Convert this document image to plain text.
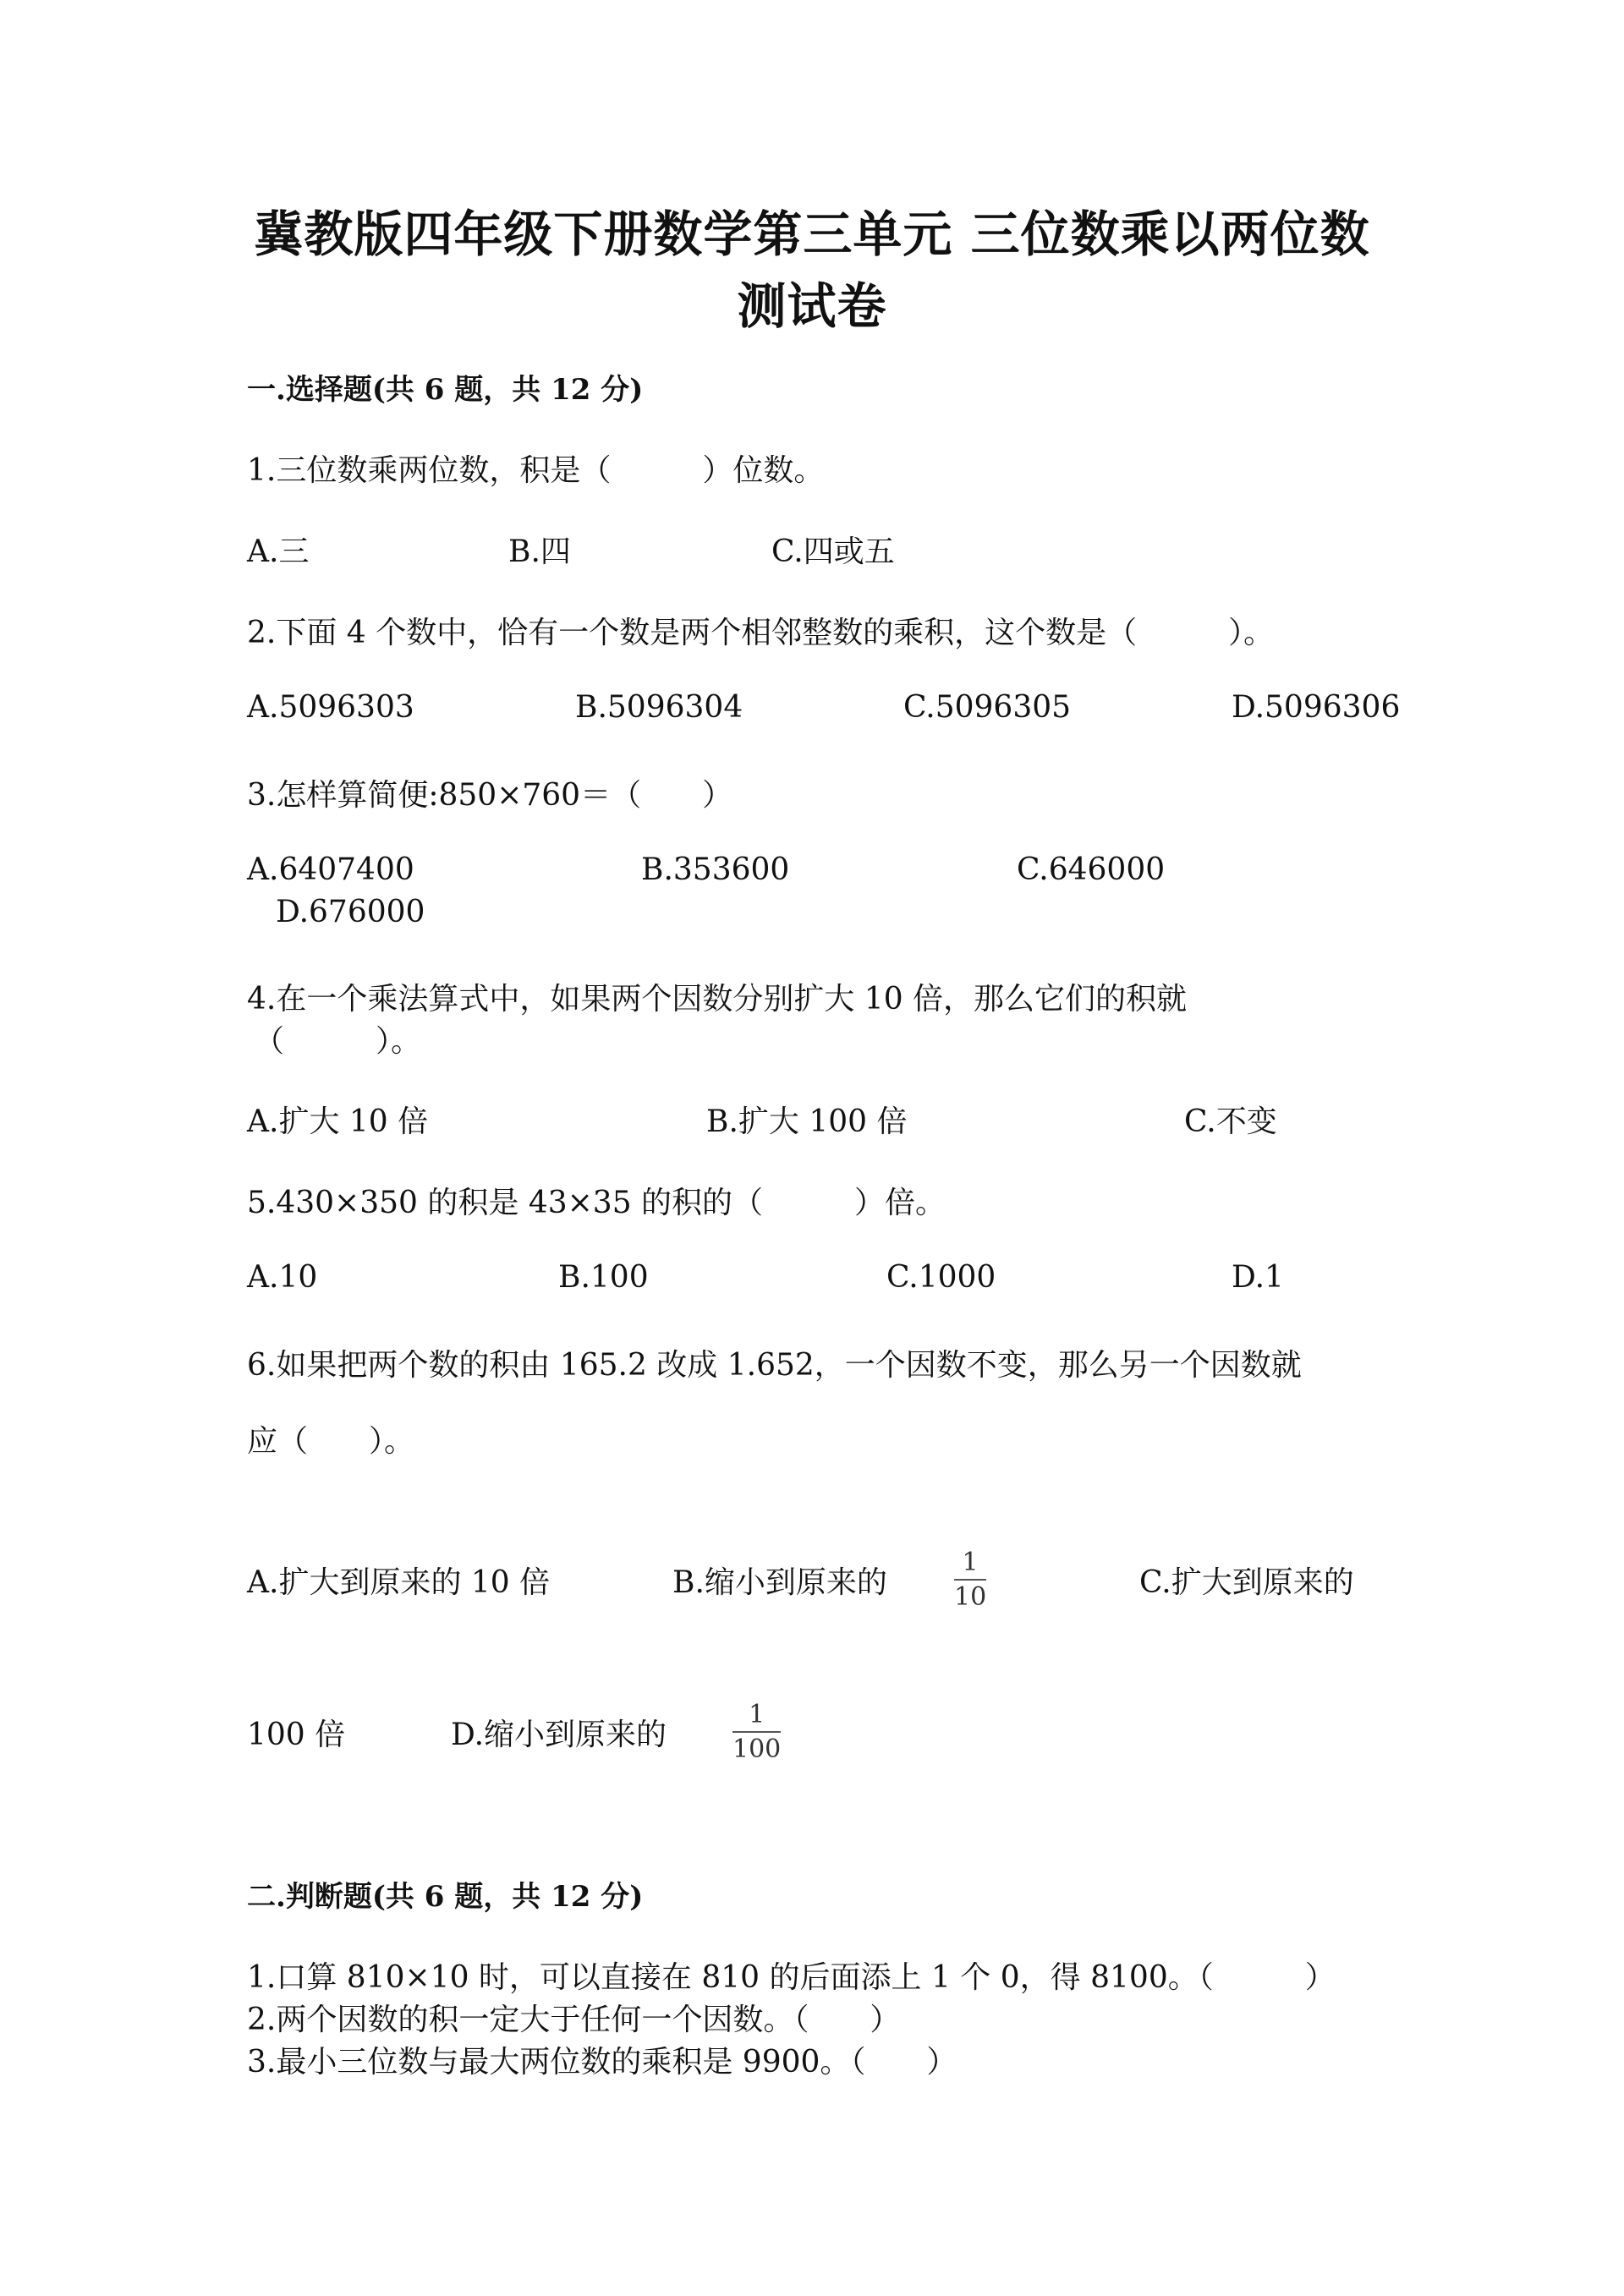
冀教版四年级下册数学第三单元 三位数乘以两位数
测试卷
一.选择题(共 6 题，共 12 分)
1.三位数乘两位数，积是（　　　）位数。
A.三	B.四	C.四或五
2.下面 4 个数中，恰有一个数是两个相邻整数的乘积，这个数是（　　　）。
A.5096303	B.5096304	C.5096305	D.5096306
3.怎样算简便:850×760＝（　　）
A.6407400	B.353600	C.646000
D.676000
4.在一个乘法算式中，如果两个因数分别扩大 10 倍，那么它们的积就
（　　　）。
A.扩大 10 倍	B.扩大 100 倍	C.不变
5.430×350 的积是 43×35 的积的（　　　）倍。
A.10	B.100	C.1000	D.1
6.如果把两个数的积由 165.2 改成 1.652，一个因数不变，那么另一个因数就
应（　　）。
A.扩大到原来的 10 倍	B.缩小到原来的
1
10	C.扩大到原来的
100 倍	D.缩小到原来的
1
100
二.判断题(共 6 题，共 12 分)
1.口算 810×10 时，可以直接在 810 的后面添上 1 个 0，得 8100。（　　　）
2.两个因数的积一定大于任何一个因数。（　　）
3.最小三位数与最大两位数的乘积是 9900。（　　）
